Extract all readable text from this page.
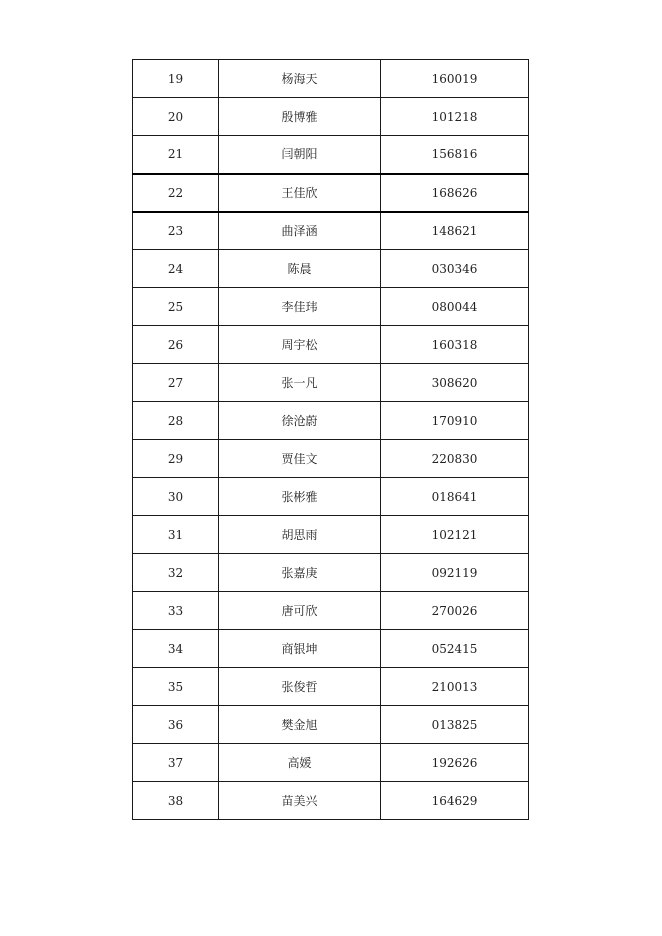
19	杨海天	160019
20	殷博雅	101218
21	闫朝阳	156816
22	王佳欣	168626
23	曲泽涵	148621
24	陈晨	030346
25	李佳玮	080044
26	周宇松	160318
27	张一凡	308620
28	徐沧蔚	170910
29	贾佳文	220830
30	张彬雅	018641
31	胡思雨	102121
32	张嘉庚	092119
33	唐可欣	270026
34	商银坤	052415
35	张俊哲	210013
36	樊金旭	013825
37	高媛	192626
38	苗美兴	164629
